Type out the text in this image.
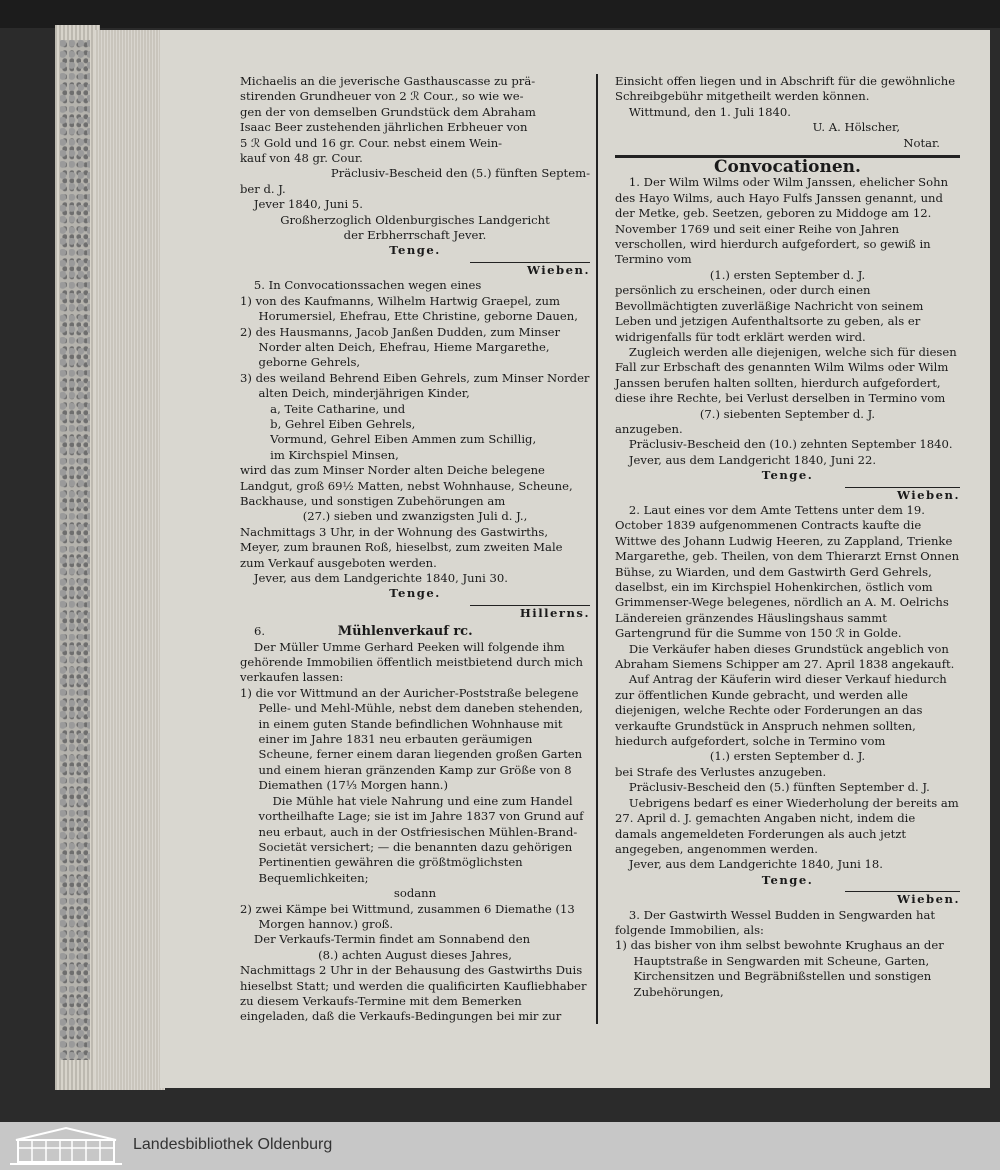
Michaelis an die jeverische Gasthauscasse zu prä-

stirenden Grundheuer von 2 ℛ Cour., so wie we-

gen der von demselben Grundstück dem Abraham

Isaac Beer zustehenden jährlichen Erbheuer von

5 ℛ Gold und 16 gr. Cour. nebst einem Wein-

kauf von 48 gr. Cour.

Präclusiv-Bescheid den (5.) fünften Septem-

ber d. J.

Jever 1840, Juni 5.

Großherzoglich Oldenburgisches Landgericht

der Erbherrschaft Jever.

Tenge.

Wieben.

5. In Convocationssachen wegen eines

1) von des Kaufmanns, Wilhelm Hartwig Graepel, zum Horumersiel, Ehefrau, Ette Christine, geborne Dauen,

2) des Hausmanns, Jacob Janßen Dudden, zum Minser Norder alten Deich, Ehefrau, Hieme Margarethe, geborne Gehrels,

3) des weiland Behrend Eiben Gehrels, zum Minser Norder alten Deich, minderjährigen Kinder,

a, Teite Catharine, und

b, Gehrel Eiben Gehrels,

Vormund, Gehrel Eiben Ammen zum Schillig,

im Kirchspiel Minsen,

wird das zum Minser Norder alten Deiche belegene Landgut, groß 69½ Matten, nebst Wohnhause, Scheune, Backhause, und sonstigen Zubehörungen am

(27.) sieben und zwanzigsten Juli d. J.,

Nachmittags 3 Uhr, in der Wohnung des Gastwirths, Meyer, zum braunen Roß, hieselbst, zum zweiten Male zum Verkauf ausgeboten werden.

Jever, aus dem Landgerichte 1840, Juni 30.

Tenge.

Hillerns.

6.	Mühlenverkauf rc.

Der Müller Umme Gerhard Peeken will folgende ihm gehörende Immobilien öffentlich meistbietend durch mich verkaufen lassen:

1) die vor Wittmund an der Auricher-Poststraße belegene Pelle- und Mehl-Mühle, nebst dem daneben stehenden, in einem guten Stande befindlichen Wohnhause mit einer im Jahre 1831 neu erbauten geräumigen Scheune, ferner einem daran liegenden großen Garten und einem hieran gränzenden Kamp zur Größe von 8 Diemathen (17⅓ Morgen hann.)

Die Mühle hat viele Nahrung und eine zum Handel vortheilhafte Lage; sie ist im Jahre 1837 von Grund auf neu erbaut, auch in der Ostfriesischen Mühlen-Brand-Societät versichert; — die benannten dazu gehörigen Pertinentien gewähren die größtmöglichsten Bequemlichkeiten;

sodann

2) zwei Kämpe bei Wittmund, zusammen 6 Diemathe (13 Morgen hannov.) groß.

Der Verkaufs-Termin findet am Sonnabend den

(8.) achten August dieses Jahres,

Nachmittags 2 Uhr in der Behausung des Gastwirths Duis hieselbst Statt; und werden die qualificirten Kaufliebhaber zu diesem Verkaufs-Termine mit dem Bemerken eingeladen, daß die Verkaufs-Bedingungen bei mir zur

Einsicht offen liegen und in Abschrift für die gewöhnliche Schreibgebühr mitgetheilt werden können.

Wittmund, den 1. Juli 1840.

U. A. Hölscher,

Notar.

Convocationen.

1. Der Wilm Wilms oder Wilm Janssen, ehelicher Sohn des Hayo Wilms, auch Hayo Fulfs Janssen genannt, und der Metke, geb. Seetzen, geboren zu Middoge am 12. November 1769 und seit einer Reihe von Jahren verschollen, wird hierdurch aufgefordert, so gewiß in Termino vom

(1.) ersten September d. J.

persönlich zu erscheinen, oder durch einen Bevollmächtigten zuverläßige Nachricht von seinem Leben und jetzigen Aufenthaltsorte zu geben, als er widrigenfalls für todt erklärt werden wird.

Zugleich werden alle diejenigen, welche sich für diesen Fall zur Erbschaft des genannten Wilm Wilms oder Wilm Janssen berufen halten sollten, hierdurch aufgefordert, diese ihre Rechte, bei Verlust derselben in Termino vom

(7.) siebenten September d. J.

anzugeben.

Präclusiv-Bescheid den (10.) zehnten September 1840.

Jever, aus dem Landgericht 1840, Juni 22.

Tenge.

Wieben.

2. Laut eines vor dem Amte Tettens unter dem 19. October 1839 aufgenommenen Contracts kaufte die Wittwe des Johann Ludwig Heeren, zu Zappland, Trienke Margarethe, geb. Theilen, von dem Thierarzt Ernst Onnen Bühse, zu Wiarden, und dem Gastwirth Gerd Gehrels, daselbst, ein im Kirchspiel Hohenkirchen, östlich vom Grimmenser-Wege belegenes, nördlich an A. M. Oelrichs Ländereien gränzendes Häuslingshaus sammt Gartengrund für die Summe von 150 ℛ in Golde.

Die Verkäufer haben dieses Grundstück angeblich von Abraham Siemens Schipper am 27. April 1838 angekauft.

Auf Antrag der Käuferin wird dieser Verkauf hiedurch zur öffentlichen Kunde gebracht, und werden alle diejenigen, welche Rechte oder Forderungen an das verkaufte Grundstück in Anspruch nehmen sollten, hiedurch aufgefordert, solche in Termino vom

(1.) ersten September d. J.

bei Strafe des Verlustes anzugeben.

Präclusiv-Bescheid den (5.) fünften September d. J.

Uebrigens bedarf es einer Wiederholung der bereits am 27. April d. J. gemachten Angaben nicht, indem die damals angemeldeten Forderungen als auch jetzt angegeben, angenommen werden.

Jever, aus dem Landgerichte 1840, Juni 18.

Tenge.

Wieben.

3. Der Gastwirth Wessel Budden in Sengwarden hat folgende Immobilien, als:

1) das bisher von ihm selbst bewohnte Krughaus an der Hauptstraße in Sengwarden mit Scheune, Garten, Kirchensitzen und Begräbnißstellen und sonstigen Zubehörungen,

Landesbibliothek Oldenburg
